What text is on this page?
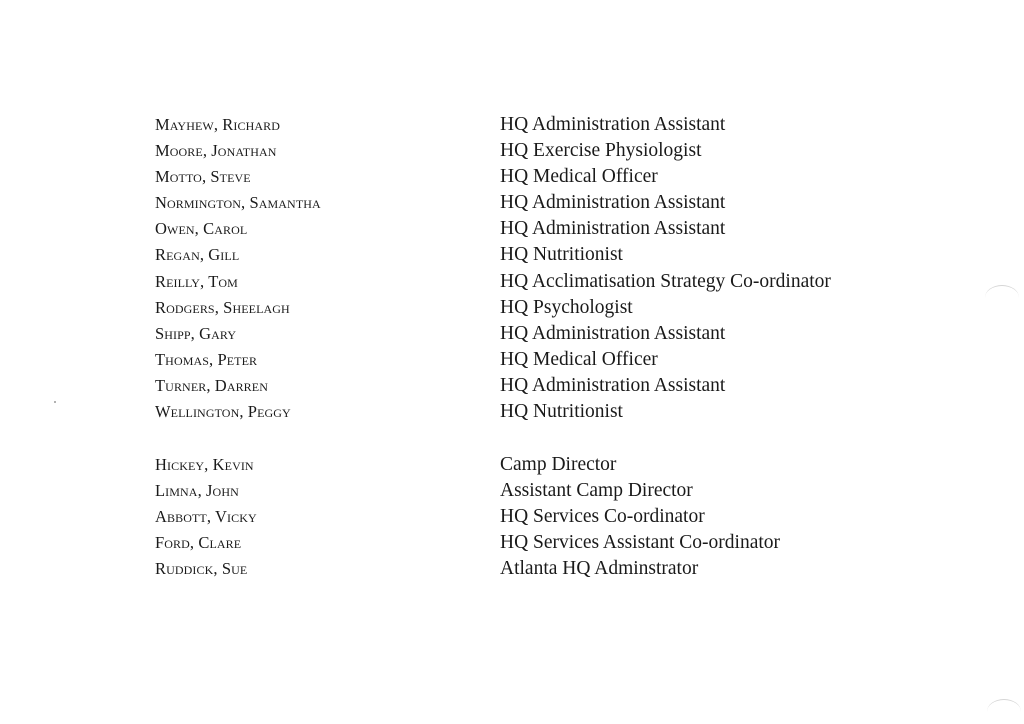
Mayhew, Richard	HQ Administration Assistant
Moore, Jonathan	HQ Exercise Physiologist
Motto, Steve	HQ Medical Officer
Normington, Samantha	HQ Administration Assistant
Owen, Carol	HQ Administration Assistant
Regan, Gill	HQ Nutritionist
Reilly, Tom	HQ Acclimatisation Strategy Co-ordinator
Rodgers, Sheelagh	HQ Psychologist
Shipp, Gary	HQ Administration Assistant
Thomas, Peter	HQ Medical Officer
Turner, Darren	HQ Administration Assistant
Wellington, Peggy	HQ Nutritionist
Hickey, Kevin	Camp Director
Limna, John	Assistant Camp Director
Abbott, Vicky	HQ Services Co-ordinator
Ford, Clare	HQ Services Assistant Co-ordinator
Ruddick, Sue	Atlanta HQ Adminstrator
